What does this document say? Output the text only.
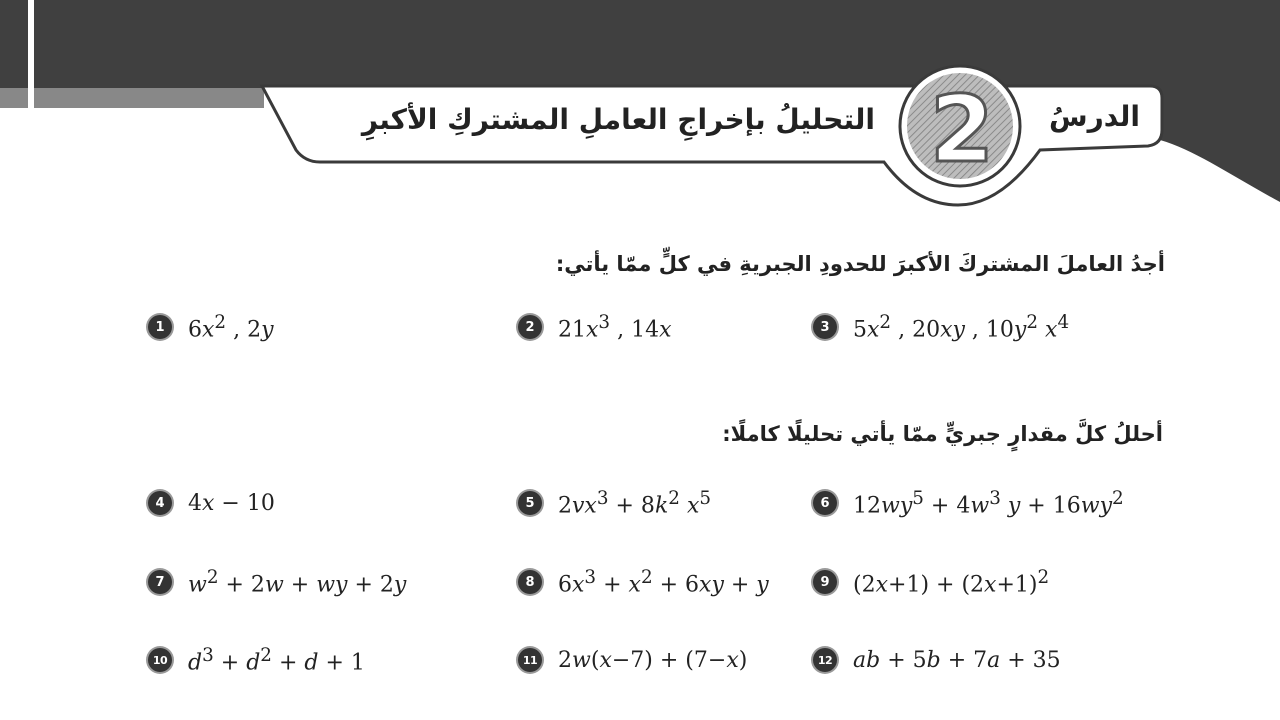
الدرسُ
2
التحليلُ بإخراجِ العاملِ المشتركِ الأكبرِ
أجدُ العاملَ المشتركَ الأكبرَ للحدودِ الجبريةِ في كلٍّ ممّا يأتي:
1	$6x^2$ , 2y	2	$21x^3$ , 14x	3	$5x^2$ , 20xy , $10y^2$ $x^4$
أحللُ كلَّ مقدارٍ جبريٍّ ممّا يأتي تحليلًا كاملًا:
4	4x − 10	5	$2vx^3 + 8k^2$ $x^5$	6	$12wy^5 + 4w^3$ $y + 16wy^2$
7	$w^2 + 2w$ + wy + 2y	8	$6x^3 + x^2 + 6xy + y$	9	$(2x+1) + (2x+1)^2$
10 $d^3 + d^2 + d + 1$	11 2w(x−7) + (7−x)	12 ab + 5b + 7a + 35
